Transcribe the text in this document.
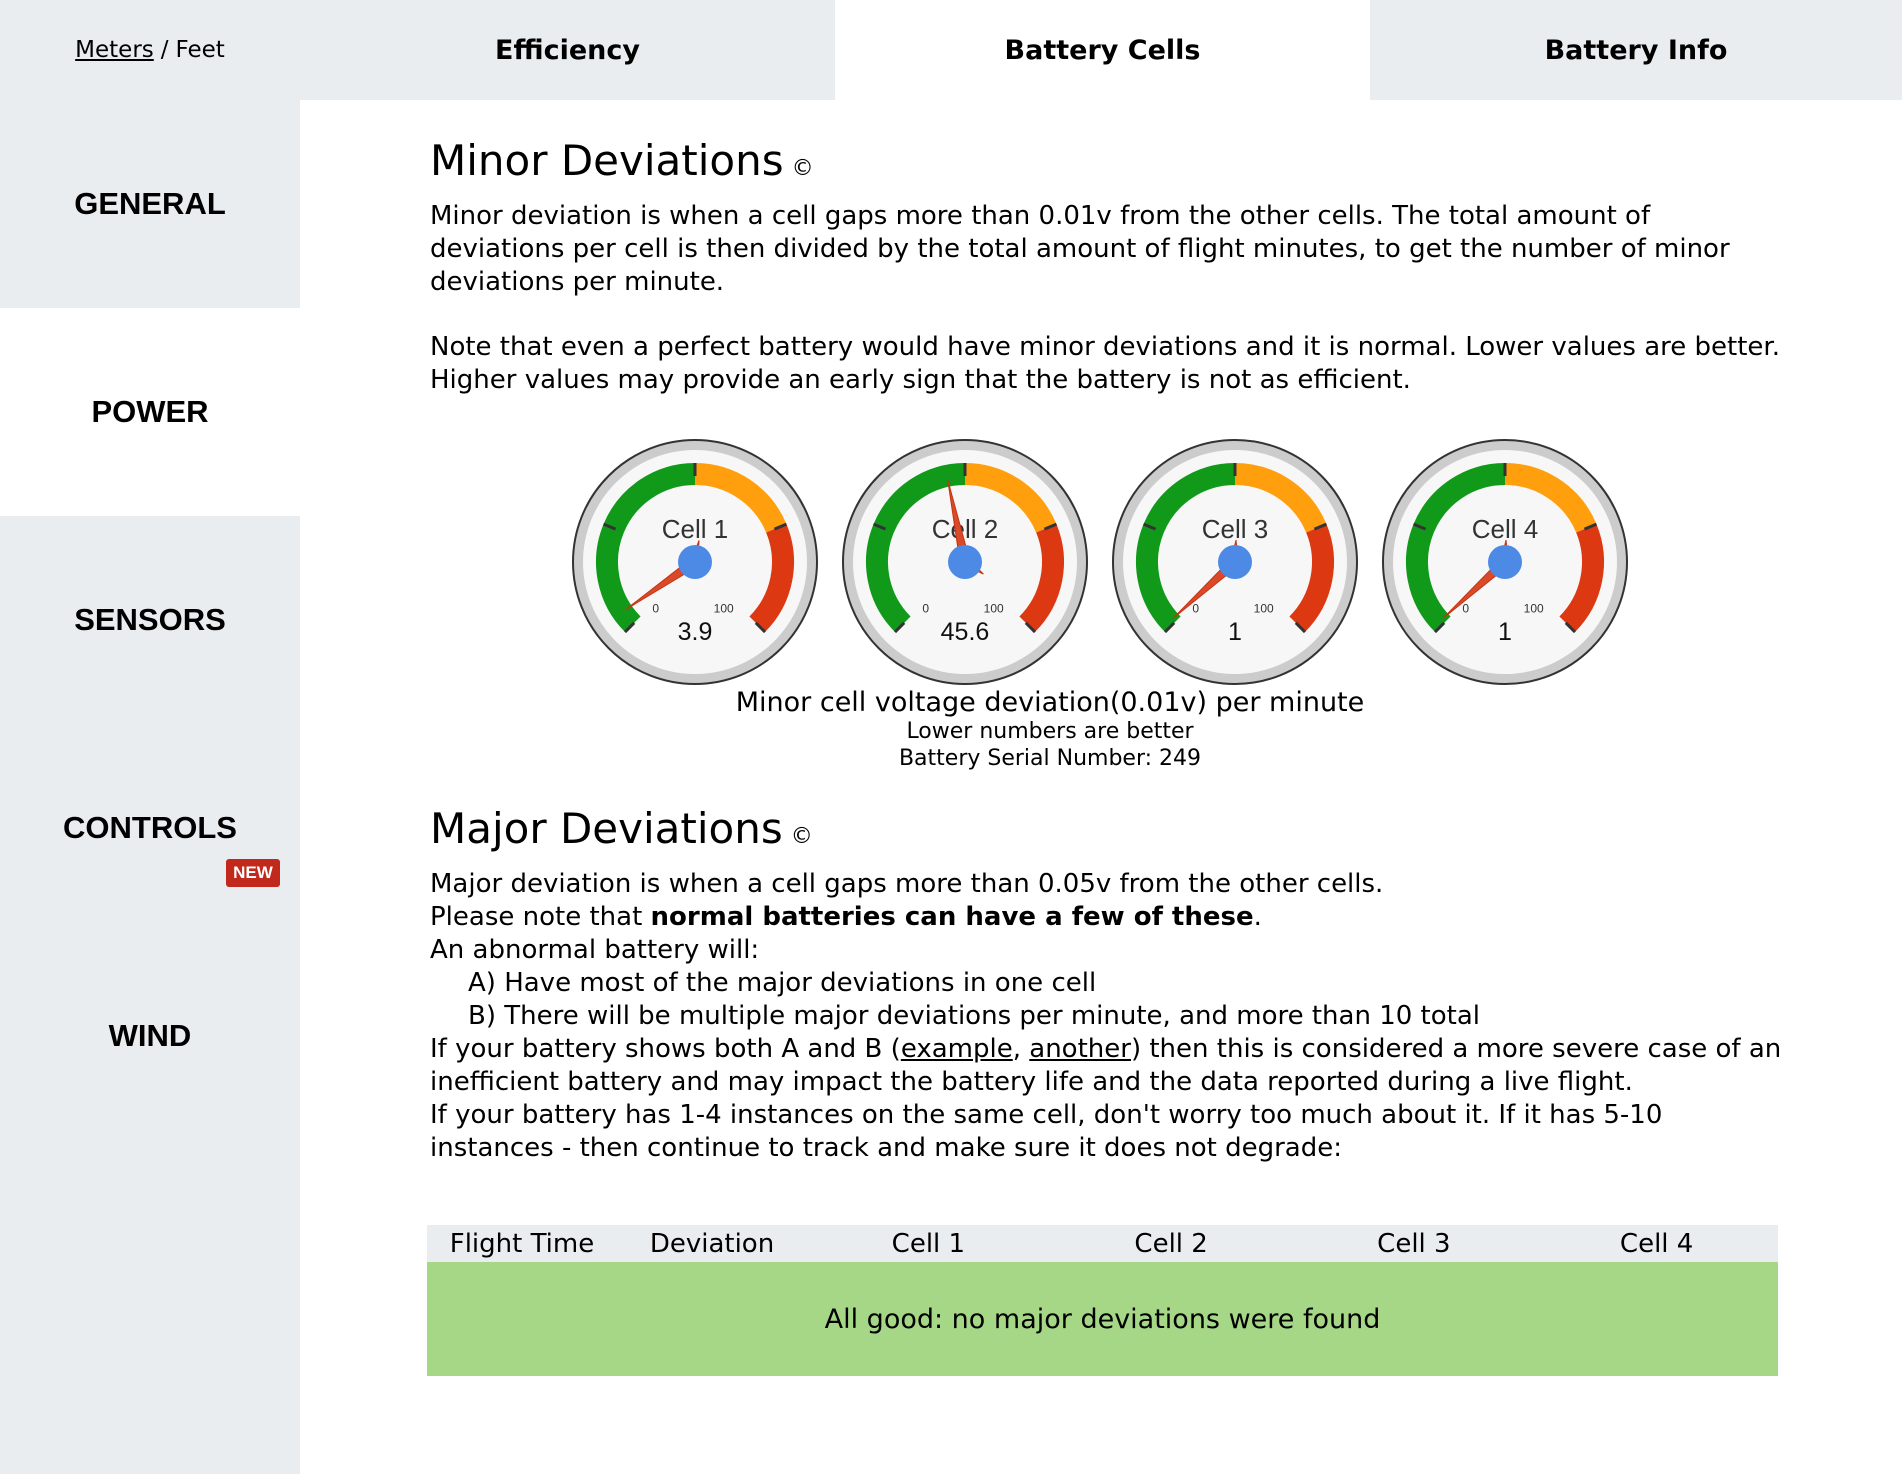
Meters / Feet	Efficiency	Battery Cells	Battery Info
GENERAL
POWER
SENSORS
CONTROLS
NEW
WIND
Minor Deviations ©

Minor deviation is when a cell gaps more than 0.01v from the other cells. The total amount of deviations per cell is then divided by the total amount of flight minutes, to get the number of minor deviations per minute.

Note that even a perfect battery would have minor deviations and it is normal. Lower values are better. Higher values may provide an early sign that the battery is not as efficient.

Cell 1
0	100
3.9
Cell 2
0	100
45.6
Cell 3
0	100
1
Cell 4
0	100
1
Minor cell voltage deviation(0.01v) per minute
Lower numbers are better
Battery Serial Number: 249
Major Deviations ©

Major deviation is when a cell gaps more than 0.05v from the other cells.

Please note that normal batteries can have a few of these.

An abnormal battery will:

A) Have most of the major deviations in one cell

B) There will be multiple major deviations per minute, and more than 10 total

If your battery shows both A and B (example, another) then this is considered a more severe case of an inefficient battery and may impact the battery life and the data reported during a live flight.

If your battery has 1-4 instances on the same cell, don't worry too much about it. If it has 5-10 instances - then continue to track and make sure it does not degrade:

Flight Time	Deviation	Cell 1	Cell 2	Cell 3	Cell 4
All good: no major deviations were found
